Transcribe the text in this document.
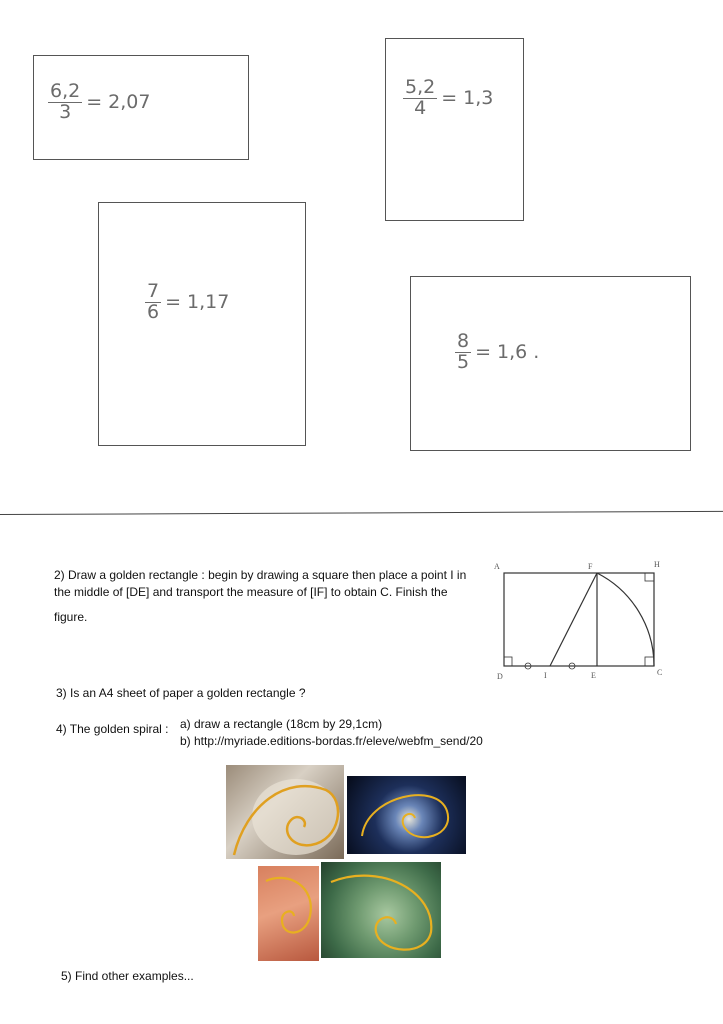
$\frac{6,2}{3} = 2,07$	$\frac{5,2}{4} = 1,3$
$\frac{7}{6} = 1,17$
$\frac{8}{5} = 1,6$ .
2) Draw a golden rectangle : begin by drawing a square then place a point I in
the middle of [DE] and transport the measure of [IF] to obtain C. Finish the
figure.
A	F	H
D	I	E	C
3) Is an A4 sheet of paper a golden rectangle ?
4) The golden spiral : a) draw a rectangle (18cm by 29,1cm)
b) http://myriade.editions-bordas.fr/eleve/webfm_send/20
5) Find other examples...
